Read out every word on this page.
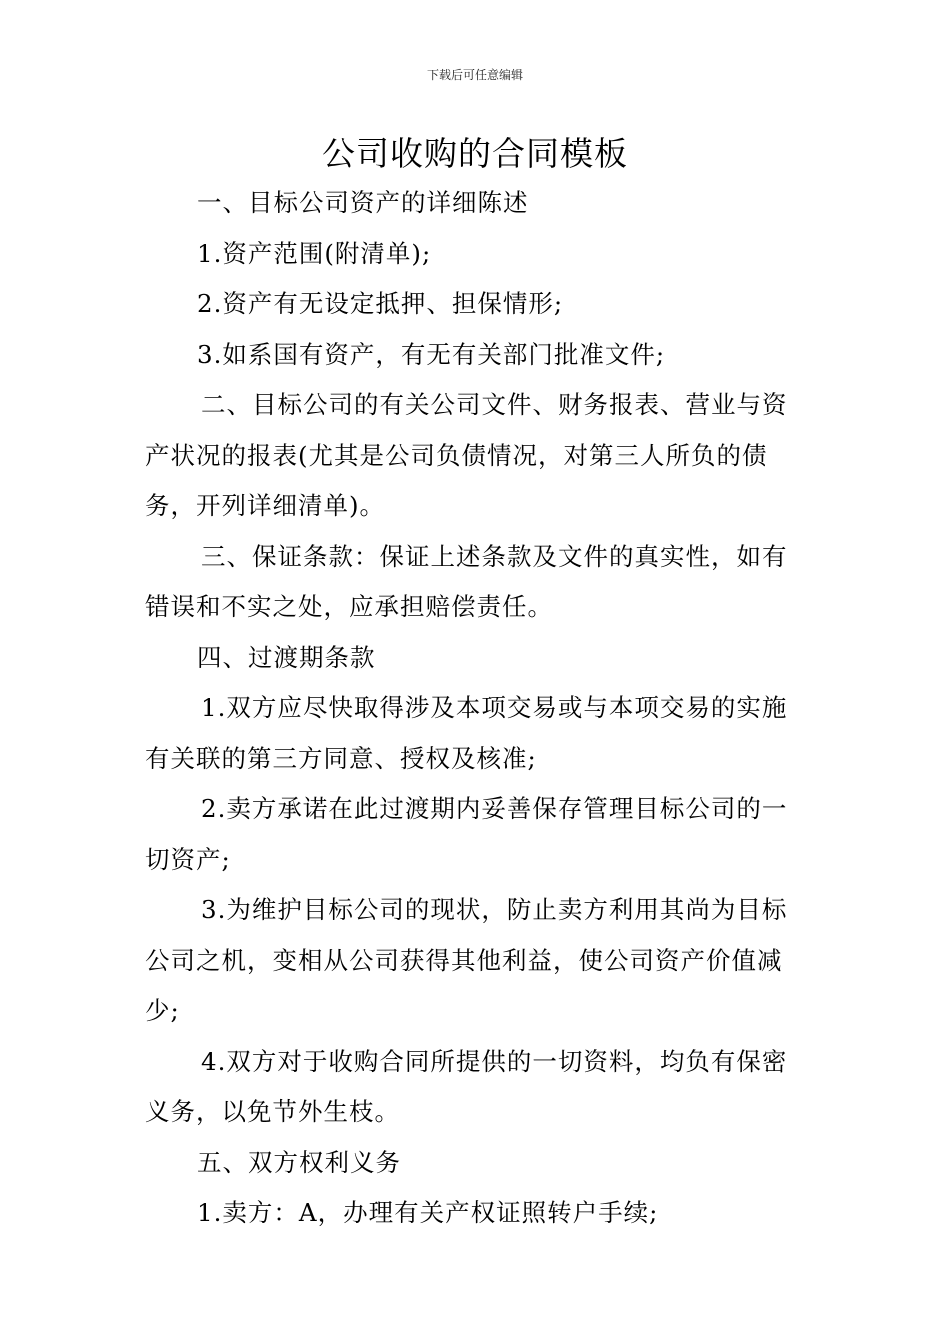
下载后可任意编辑
公司收购的合同模板

一、目标公司资产的详细陈述

1.资产范围(附清单);

2.资产有无设定抵押、担保情形;

3.如系国有资产，有无有关部门批准文件;

二、目标公司的有关公司文件、财务报表、营业与资产状况的报表(尤其是公司负债情况，对第三人所负的债务，开列详细清单)。

三、保证条款：保证上述条款及文件的真实性，如有错误和不实之处，应承担赔偿责任。

四、过渡期条款

1.双方应尽快取得涉及本项交易或与本项交易的实施有关联的第三方同意、授权及核准;

2.卖方承诺在此过渡期内妥善保存管理目标公司的一切资产;

3.为维护目标公司的现状，防止卖方利用其尚为目标公司之机，变相从公司获得其他利益，使公司资产价值减少;

4.双方对于收购合同所提供的一切资料，均负有保密义务，以免节外生枝。

五、双方权利义务

1.卖方：A，办理有关产权证照转户手续;
